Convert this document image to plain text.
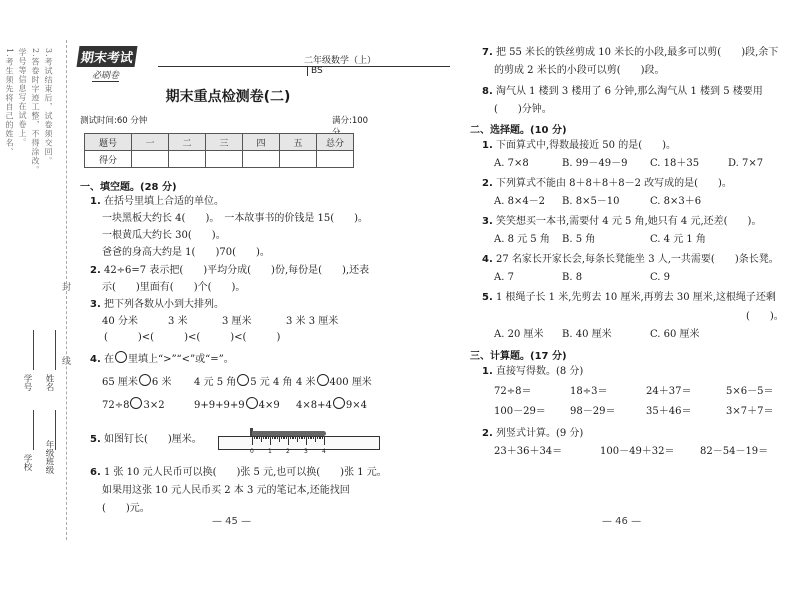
1.考生须先将自己的姓名、 学号等信息写在试卷上。 2.答卷时字迹工整，不得涂改。 3.考试结束后，试卷须交回。
学号 姓名
学校 年级班级
封
线
期末考试
必刷卷
二年级数学（上）BS
期末重点检测卷(二)
测试时间:60 分钟	满分:100
题号	一	二	三	四	五	总分
得分						
一、填空题。(28 分)
1. 在括号里填上合适的单位。
一块黑板大约长 4(　　)。　一本故事书的价钱是 15(　　)。
一根黄瓜大约长 30(　　)。
爸爸的身高大约是 1(　　)70(　　)。
2. 42÷6=7 表示把(　　)平均分成(　　)份,每份是(　　),还表
示(　　)里面有(　　)个(　　)。
3. 把下列各数从小到大排列。
40 分米	3 米	3 厘米	3 米 3 厘米
(　　　)<(　　　)<(　　　)<(　　　)
4. 在 里填上“>”“<”或“=”。
65 厘米 6 米 4 元 5 角 5 元 4 角 4 米 400 厘米
72÷8 3×2	9+9+9+9 4×9 4×8+4 9×4
5. 如图钉长(　　)厘米。
0 1 2 3 4
6. 1 张 10 元人民币可以换(　　)张 5 元,也可以换(　　)张 1 元。
如果用这张 10 元人民币买 2 本 3 元的笔记本,还能找回
(　　)元。
— 45 —
7. 把 55 米长的铁丝剪成 10 米长的小段,最多可以剪(　　)段,余下
的剪成 2 米长的小段可以剪(　　)段。
8. 淘气从 1 楼到 3 楼用了 6 分钟,那么淘气从 1 楼到 5 楼要用
(　　)分钟。
二、选择题。(10 分)
1. 下面算式中,得数最接近 50 的是(　　)。
A. 7×8	B. 99－49－9 C. 18＋35	D. 7×7
2. 下列算式不能由 8＋8＋8＋8－2 改写成的是(　　)。
A. 8×4－2 B. 8×5－10	C. 8×3＋6
3. 笑笑想买一本书,需要付 4 元 5 角,她只有 4 元,还差(　　)。
A. 8 元 5 角 B. 5 角	C. 4 元 1 角
4. 27 名家长开家长会,每条长凳能坐 3 人,一共需要(　　)条长凳。
A. 7	B. 8	C. 9
5. 1 根绳子长 1 米,先剪去 10 厘米,再剪去 30 厘米,这根绳子还剩
(　　)。
A. 20 厘米 B. 40 厘米	C. 60 厘米
三、计算题。(17 分)
1. 直接写得数。(8 分)
72÷8＝	18÷3＝	24＋37＝	5×6－5＝
100－29＝ 98－29＝	35＋46＝	3×7＋7＝
2. 列竖式计算。(9 分)
23＋36＋34＝	100－49＋32＝	82－54－19＝
— 46 —
